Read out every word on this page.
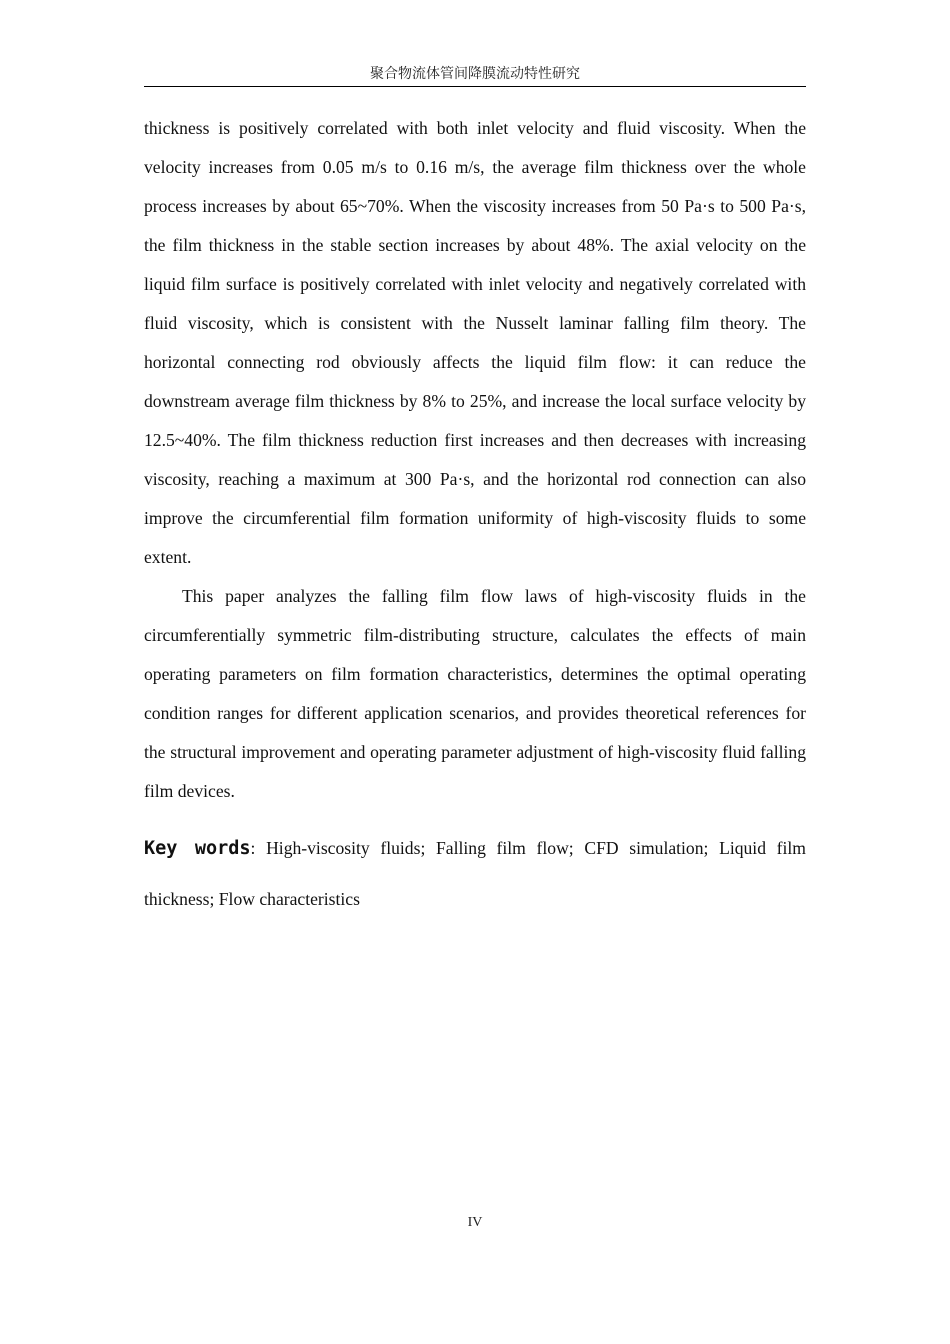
聚合物流体管间降膜流动特性研究

thickness is positively correlated with both inlet velocity and fluid viscosity. When the velocity increases from 0.05 m/s to 0.16 m/s, the average film thickness over the whole process increases by about 65~70%. When the viscosity increases from 50 Pa·s to 500 Pa·s, the film thickness in the stable section increases by about 48%. The axial velocity on the liquid film surface is positively correlated with inlet velocity and negatively correlated with fluid viscosity, which is consistent with the Nusselt laminar falling film theory. The horizontal connecting rod obviously affects the liquid film flow: it can reduce the downstream average film thickness by 8% to 25%, and increase the local surface velocity by 12.5~40%. The film thickness reduction first increases and then decreases with increasing viscosity, reaching a maximum at 300 Pa·s, and the horizontal rod connection can also improve the circumferential film formation uniformity of high-viscosity fluids to some extent.

This paper analyzes the falling film flow laws of high-viscosity fluids in the circumferentially symmetric film-distributing structure, calculates the effects of main operating parameters on film formation characteristics, determines the optimal operating condition ranges for different application scenarios, and provides theoretical references for the structural improvement and operating parameter adjustment of high-viscosity fluid falling film devices.

Key words: High-viscosity fluids; Falling film flow; CFD simulation; Liquid film thickness; Flow characteristics

IV
